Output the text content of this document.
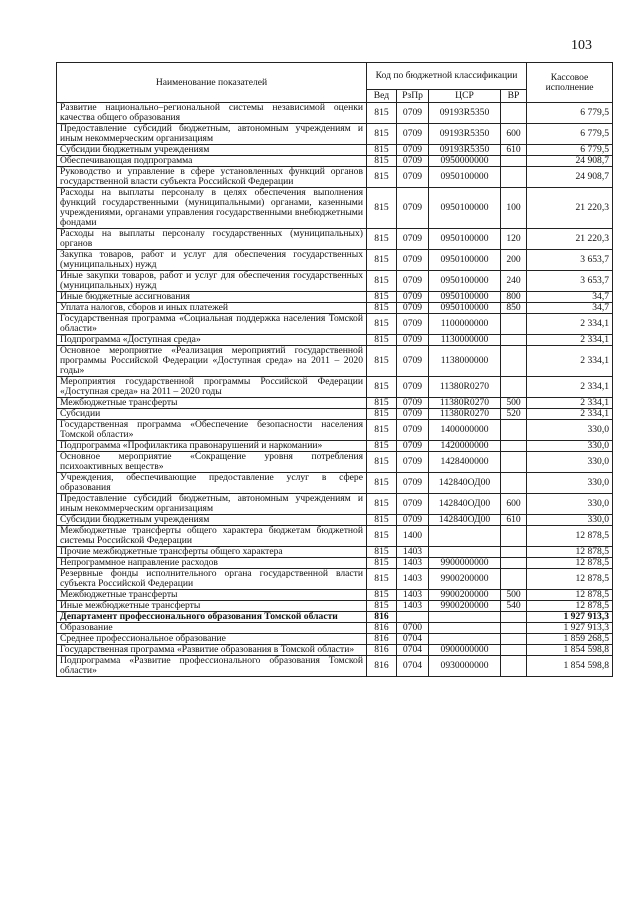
103
Наименование показателей	Код по бюджетной классификации				Кассовое исполнение
	Вед	РзПр	ЦСР	ВР	
Развитие национально–региональной системы независимой оценки качества общего образования	815	0709	09193R5350		6 779,5
Предоставление субсидий бюджетным, автономным учреждениям и иным некоммерческим организациям	815	0709	09193R5350	600	6 779,5
Субсидии бюджетным учреждениям	815	0709	09193R5350	610	6 779,5
Обеспечивающая подпрограмма	815	0709	0950000000		24 908,7
Руководство и управление в сфере установленных функций органов государственной власти субъекта Российской Федерации	815	0709	0950100000		24 908,7
Расходы на выплаты персоналу в целях обеспечения выполнения функций государственными (муниципальными) органами, казенными учреждениями, органами управления государственными внебюджетными фондами	815	0709	0950100000	100	21 220,3
Расходы на выплаты персоналу государственных (муниципальных) органов	815	0709	0950100000	120	21 220,3
Закупка товаров, работ и услуг для обеспечения государственных (муниципальных) нужд	815	0709	0950100000	200	3 653,7
Иные закупки товаров, работ и услуг для обеспечения государственных (муниципальных) нужд	815	0709	0950100000	240	3 653,7
Иные бюджетные ассигнования	815	0709	0950100000	800	34,7
Уплата налогов, сборов и иных платежей	815	0709	0950100000	850	34,7
Государственная программа «Социальная поддержка населения Томской области»	815	0709	1100000000		2 334,1
Подпрограмма «Доступная среда»	815	0709	1130000000		2 334,1
Основное мероприятие «Реализация мероприятий государственной программы Российской Федерации «Доступная среда» на 2011 – 2020 годы»	815	0709	1138000000		2 334,1
Мероприятия государственной программы Российской Федерации «Доступная среда» на 2011 – 2020 годы	815	0709	11380R0270		2 334,1
Межбюджетные трансферты	815	0709	11380R0270	500	2 334,1
Субсидии	815	0709	11380R0270	520	2 334,1
Государственная программа «Обеспечение безопасности населения Томской области»	815	0709	1400000000		330,0
Подпрограмма «Профилактика правонарушений и наркомании»	815	0709	1420000000		330,0
Основное мероприятие «Сокращение уровня потребления психоактивных веществ»	815	0709	1428400000		330,0
Учреждения, обеспечивающие предоставление услуг в сфере образования	815	0709	142840ОД00		330,0
Предоставление субсидий бюджетным, автономным учреждениям и иным некоммерческим организациям	815	0709	142840ОД00	600	330,0
Субсидии бюджетным учреждениям	815	0709	142840ОД00	610	330,0
Межбюджетные трансферты общего характера бюджетам бюджетной системы Российской Федерации	815	1400			12 878,5
Прочие межбюджетные трансферты общего характера	815	1403			12 878,5
Непрограммное направление расходов	815	1403	9900000000		12 878,5
Резервные фонды исполнительного органа государственной власти субъекта Российской Федерации	815	1403	9900200000		12 878,5
Межбюджетные трансферты	815	1403	9900200000	500	12 878,5
Иные межбюджетные трансферты	815	1403	9900200000	540	12 878,5
Департамент профессионального образования Томской области	816				1 927 913,3
Образование	816	0700			1 927 913,3
Среднее профессиональное образование	816	0704			1 859 268,5
Государственная программа «Развитие образования в Томской области»	816	0704	0900000000		1 854 598,8
Подпрограмма «Развитие профессионального образования Томской области»	816	0704	0930000000		1 854 598,8
